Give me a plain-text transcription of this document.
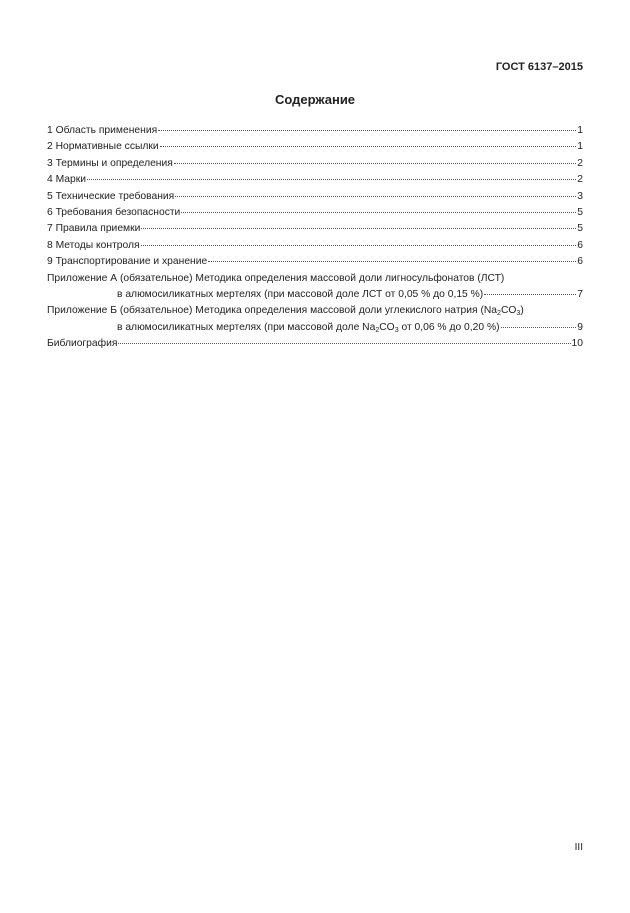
ГОСТ 6137–2015
Содержание
1 Область применения	1
2 Нормативные ссылки	1
3 Термины и определения	2
4 Марки	2
5 Технические требования	3
6 Требования безопасности	5
7 Правила приемки	5
8 Методы контроля	6
9 Транспортирование и хранение	6
Приложение А (обязательное) Методика определения массовой доли лигносульфонатов (ЛСТ)
в алюмосиликатных мертелях (при массовой доле ЛСТ от 0,05 % до 0,15 %)	7
Приложение Б (обязательное) Методика определения массовой доли углекислого натрия $(Na_2CO_3)$
в алюмосиликатных мертелях (при массовой доле $Na_2CO_3$ от 0,06 % до 0,20 %)	9
Библиография	10
III
